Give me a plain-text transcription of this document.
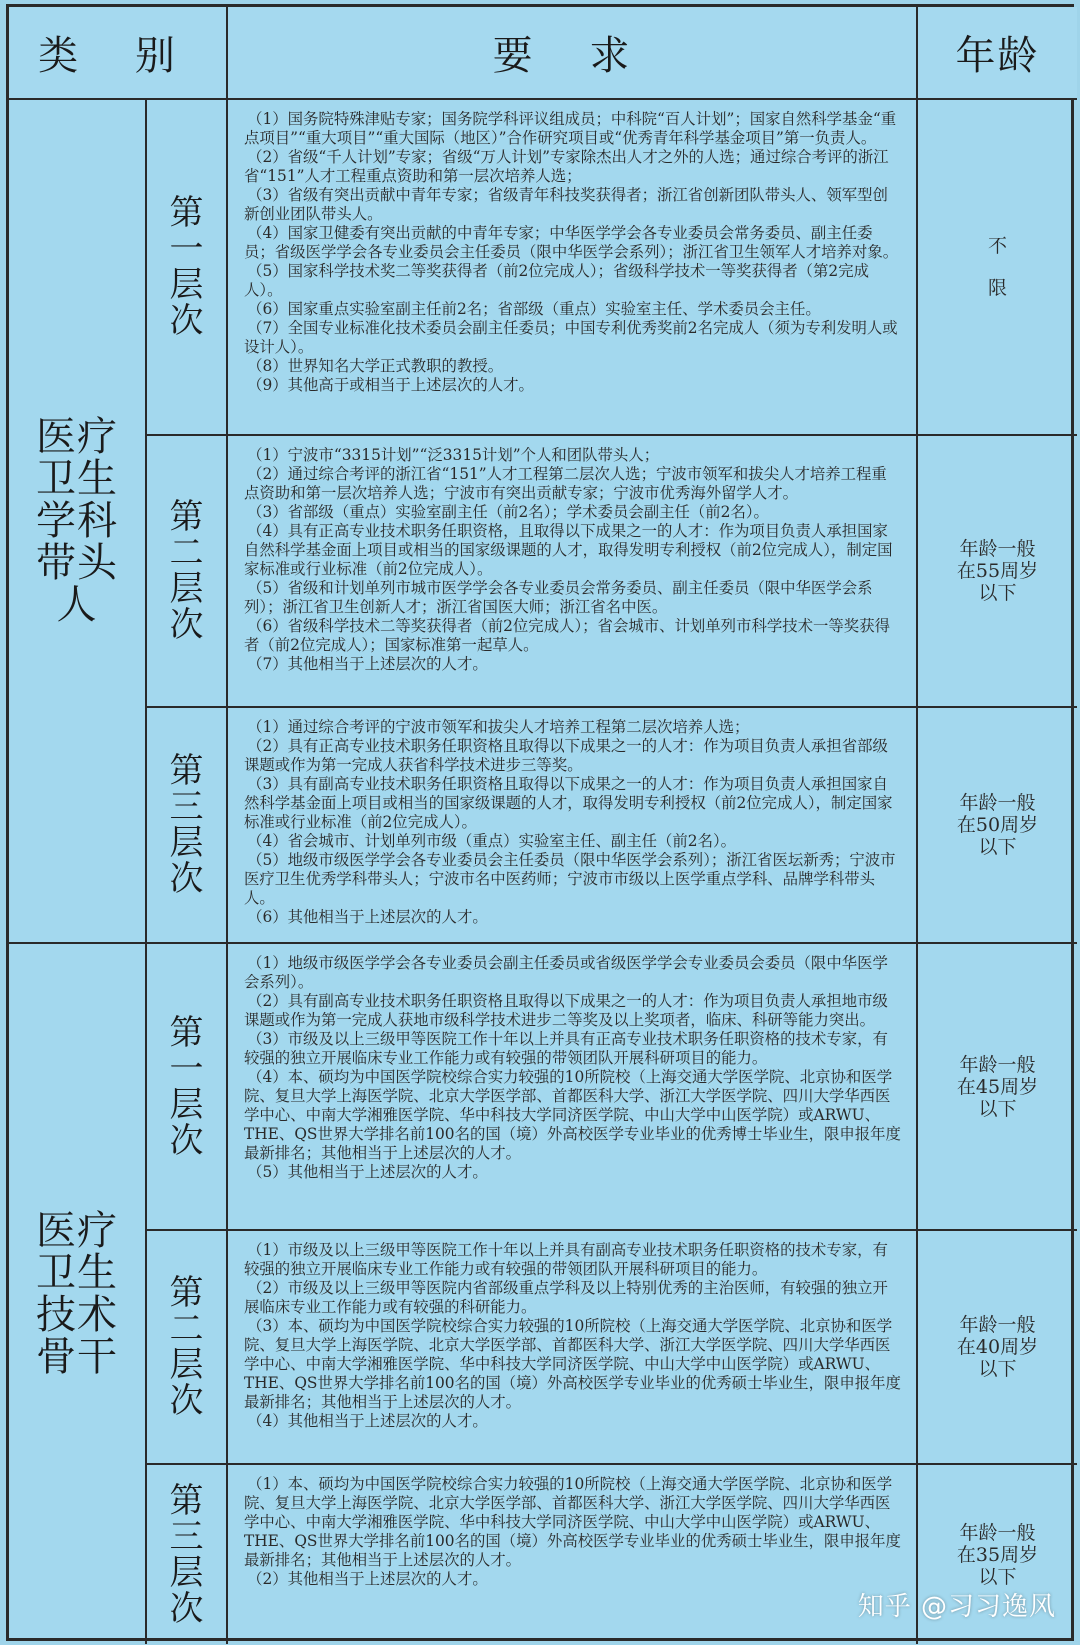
类 别	要 求	年龄
医疗卫生学科带头人
医疗卫生技术骨干
第一层次
（1）国务院特殊津贴专家；国务院学科评议组成员；中科院“百人计划”；国家自然科学基金“重点项目”“重大项目”“重大国际（地区）”合作研究项目或“优秀青年科学基金项目”第一负责人。
（2）省级“千人计划”专家；省级“万人计划”专家除杰出人才之外的人选；通过综合考评的浙江省“151”人才工程重点资助和第一层次培养人选；
（3）省级有突出贡献中青年专家；省级青年科技奖获得者；浙江省创新团队带头人、领军型创新创业团队带头人。
（4）国家卫健委有突出贡献的中青年专家；中华医学学会各专业委员会常务委员、副主任委员；省级医学学会各专业委员会主任委员（限中华医学会系列）；浙江省卫生领军人才培养对象。
（5）国家科学技术奖二等奖获得者（前2位完成人）；省级科学技术一等奖获得者（第2完成人）。
（6）国家重点实验室副主任前2名；省部级（重点）实验室主任、学术委员会主任。
（7）全国专业标准化技术委员会副主任委员；中国专利优秀奖前2名完成人（须为专利发明人或设计人）。
（8）世界知名大学正式教职的教授。
（9）其他高于或相当于上述层次的人才。
不限
第二层次
（1）宁波市“3315计划”“泛3315计划”个人和团队带头人；
（2）通过综合考评的浙江省“151”人才工程第二层次人选；宁波市领军和拔尖人才培养工程重点资助和第一层次培养人选；宁波市有突出贡献专家；宁波市优秀海外留学人才。
（3）省部级（重点）实验室副主任（前2名）；学术委员会副主任（前2名）。
（4）具有正高专业技术职务任职资格，且取得以下成果之一的人才：作为项目负责人承担国家自然科学基金面上项目或相当的国家级课题的人才，取得发明专利授权（前2位完成人），制定国家标准或行业标准（前2位完成人）。
（5）省级和计划单列市城市医学学会各专业委员会常务委员、副主任委员（限中华医学会系列）；浙江省卫生创新人才；浙江省国医大师；浙江省名中医。
（6）省级科学技术二等奖获得者（前2位完成人）；省会城市、计划单列市科学技术一等奖获得者（前2位完成人）；国家标准第一起草人。
（7）其他相当于上述层次的人才。
年龄一般在55周岁以下
第三层次
（1）通过综合考评的宁波市领军和拔尖人才培养工程第二层次培养人选；
（2）具有正高专业技术职务任职资格且取得以下成果之一的人才：作为项目负责人承担省部级课题或作为第一完成人获省科学技术进步三等奖。
（3）具有副高专业技术职务任职资格且取得以下成果之一的人才：作为项目负责人承担国家自然科学基金面上项目或相当的国家级课题的人才，取得发明专利授权（前2位完成人），制定国家标准或行业标准（前2位完成人）。
（4）省会城市、计划单列市级（重点）实验室主任、副主任（前2名）。
（5）地级市级医学学会各专业委员会主任委员（限中华医学会系列）；浙江省医坛新秀；宁波市医疗卫生优秀学科带头人；宁波市名中医药师；宁波市市级以上医学重点学科、品牌学科带头人。
（6）其他相当于上述层次的人才。
年龄一般在50周岁以下
第一层次
（1）地级市级医学学会各专业委员会副主任委员或省级医学学会专业委员会委员（限中华医学会系列）。
（2）具有副高专业技术职务任职资格且取得以下成果之一的人才：作为项目负责人承担地市级课题或作为第一完成人获地市级科学技术进步二等奖及以上奖项者，临床、科研等能力突出。
（3）市级及以上三级甲等医院工作十年以上并具有正高专业技术职务任职资格的技术专家，有较强的独立开展临床专业工作能力或有较强的带领团队开展科研项目的能力。
（4）本、硕均为中国医学院校综合实力较强的10所院校（上海交通大学医学院、北京协和医学院、复旦大学上海医学院、北京大学医学部、首都医科大学、浙江大学医学院、四川大学华西医学中心、中南大学湘雅医学院、华中科技大学同济医学院、中山大学中山医学院）或ARWU、THE、QS世界大学排名前100名的国（境）外高校医学专业毕业的优秀博士毕业生，限申报年度最新排名；其他相当于上述层次的人才。
（5）其他相当于上述层次的人才。
年龄一般在45周岁以下
第二层次
（1）市级及以上三级甲等医院工作十年以上并具有副高专业技术职务任职资格的技术专家，有较强的独立开展临床专业工作能力或有较强的带领团队开展科研项目的能力。
（2）市级及以上三级甲等医院内省部级重点学科及以上特别优秀的主治医师，有较强的独立开展临床专业工作能力或有较强的科研能力。
（3）本、硕均为中国医学院校综合实力较强的10所院校（上海交通大学医学院、北京协和医学院、复旦大学上海医学院、北京大学医学部、首都医科大学、浙江大学医学院、四川大学华西医学中心、中南大学湘雅医学院、华中科技大学同济医学院、中山大学中山医学院）或ARWU、THE、QS世界大学排名前100名的国（境）外高校医学专业毕业的优秀硕士毕业生，限申报年度最新排名；其他相当于上述层次的人才。
（4）其他相当于上述层次的人才。
年龄一般在40周岁以下
第三层次
（1）本、硕均为中国医学院校综合实力较强的10所院校（上海交通大学医学院、北京协和医学院、复旦大学上海医学院、北京大学医学部、首都医科大学、浙江大学医学院、四川大学华西医学中心、中南大学湘雅医学院、华中科技大学同济医学院、中山大学中山医学院）或ARWU、THE、QS世界大学排名前100名的国（境）外高校医学专业毕业的优秀硕士毕业生，限申报年度最新排名；其他相当于上述层次的人才。
（2）其他相当于上述层次的人才。
年龄一般在35周岁以下
知乎 @习习逸风
